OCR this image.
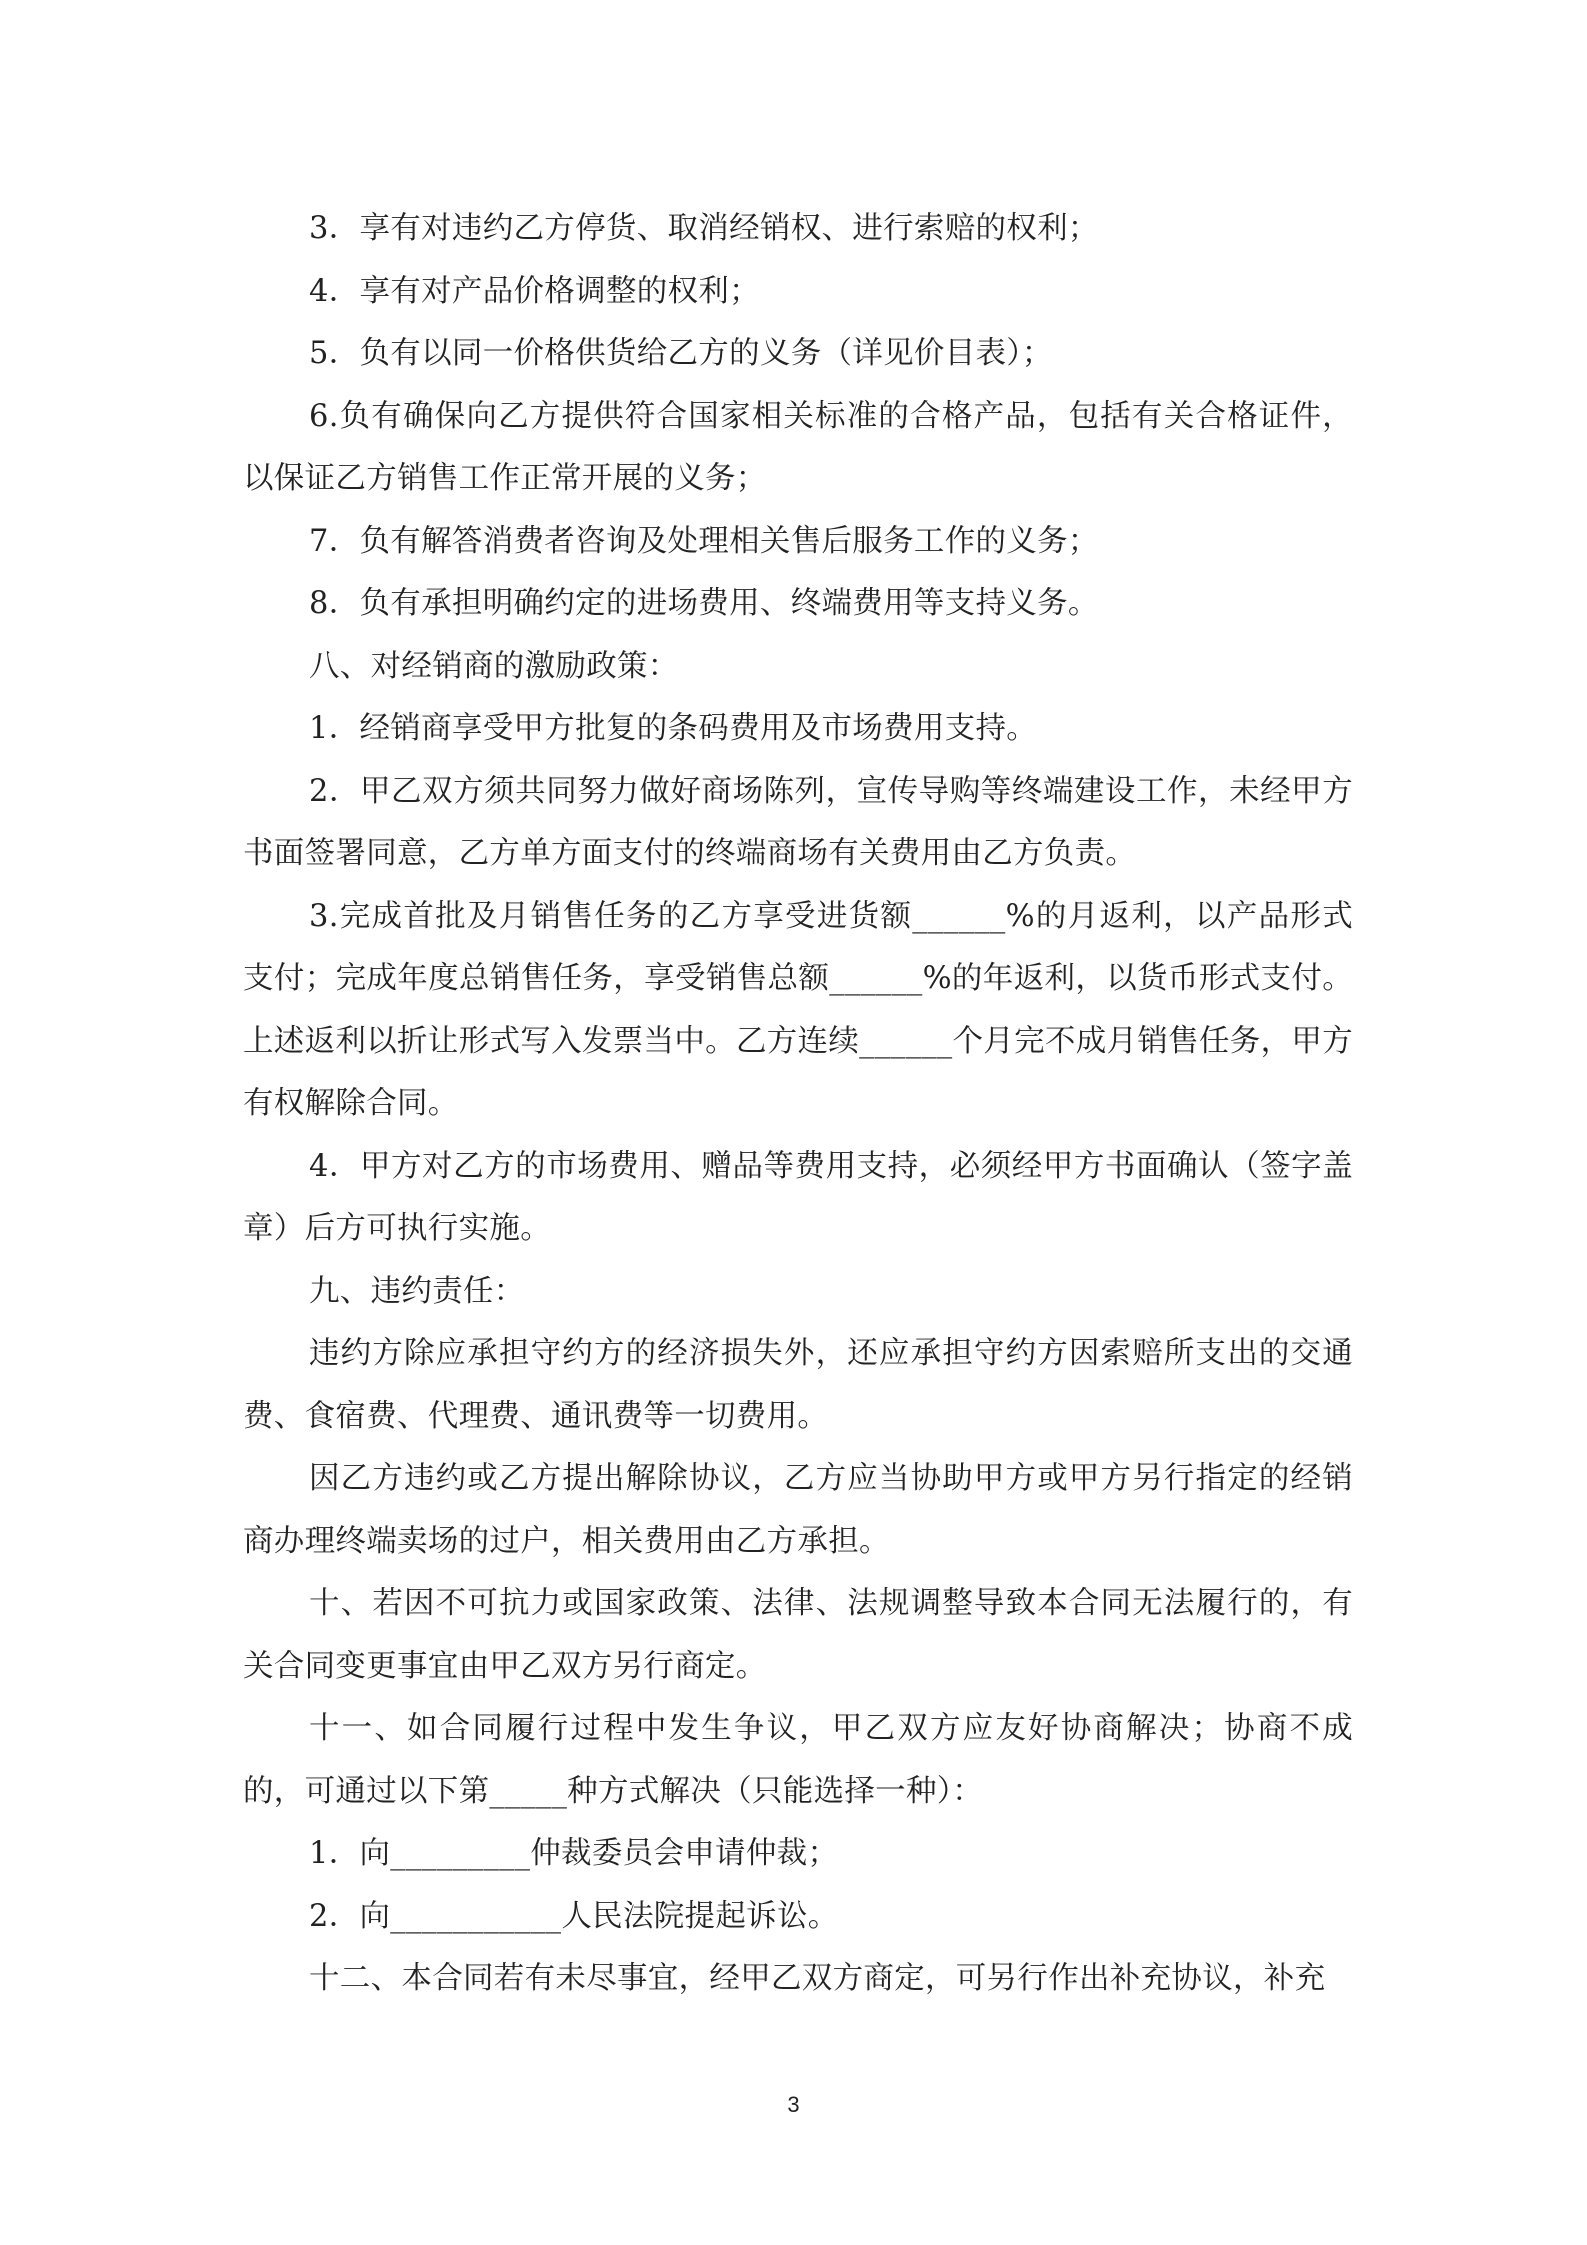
3．享有对违约乙方停货、取消经销权、进行索赔的权利；

4．享有对产品价格调整的权利；

5．负有以同一价格供货给乙方的义务（详见价目表）；

6.负有确保向乙方提供符合国家相关标准的合格产品，包括有关合格证件，以保证乙方销售工作正常开展的义务；

7．负有解答消费者咨询及处理相关售后服务工作的义务；

8．负有承担明确约定的进场费用、终端费用等支持义务。

八、对经销商的激励政策：

1．经销商享受甲方批复的条码费用及市场费用支持。

2．甲乙双方须共同努力做好商场陈列，宣传导购等终端建设工作，未经甲方书面签署同意，乙方单方面支付的终端商场有关费用由乙方负责。

3.完成首批及月销售任务的乙方享受进货额______%的月返利，以产品形式支付；完成年度总销售任务，享受销售总额______%的年返利，以货币形式支付。上述返利以折让形式写入发票当中。乙方连续______个月完不成月销售任务，甲方有权解除合同。

4．甲方对乙方的市场费用、赠品等费用支持，必须经甲方书面确认（签字盖章）后方可执行实施。

九、违约责任：

违约方除应承担守约方的经济损失外，还应承担守约方因索赔所支出的交通费、食宿费、代理费、通讯费等一切费用。

因乙方违约或乙方提出解除协议，乙方应当协助甲方或甲方另行指定的经销商办理终端卖场的过户，相关费用由乙方承担。

十、若因不可抗力或国家政策、法律、法规调整导致本合同无法履行的，有关合同变更事宜由甲乙双方另行商定。

十一、如合同履行过程中发生争议，甲乙双方应友好协商解决；协商不成的，可通过以下第_____种方式解决（只能选择一种）：

1．向_________仲裁委员会申请仲裁；

2．向___________人民法院提起诉讼。

十二、本合同若有未尽事宜，经甲乙双方商定，可另行作出补充协议，补充

3
